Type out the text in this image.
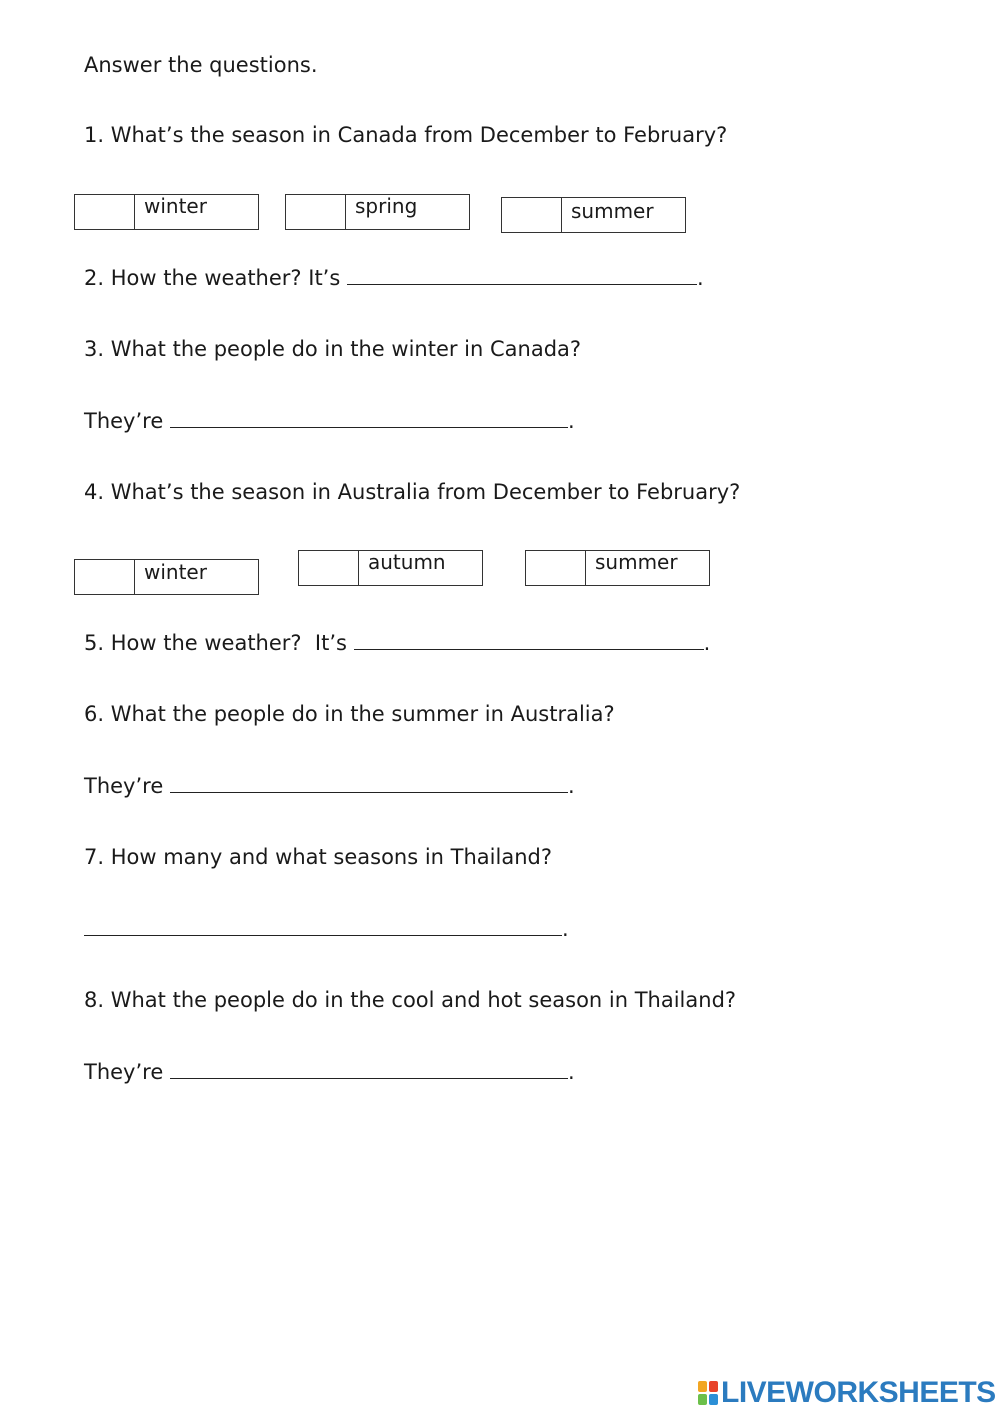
Answer the questions.
1. What’s the season in Canada from December to February?
winter	spring	summer
2. How the weather? It’s	.
3. What the people do in the winter in Canada?
They’re	.
4. What’s the season in Australia from December to February?
winter	autumn	summer
5. How the weather?  It’s	.
6. What the people do in the summer in Australia?
They’re	.
7. How many and what seasons in Thailand?
.
8. What the people do in the cool and hot season in Thailand?
They’re	.
LIVEWORKSHEETS
